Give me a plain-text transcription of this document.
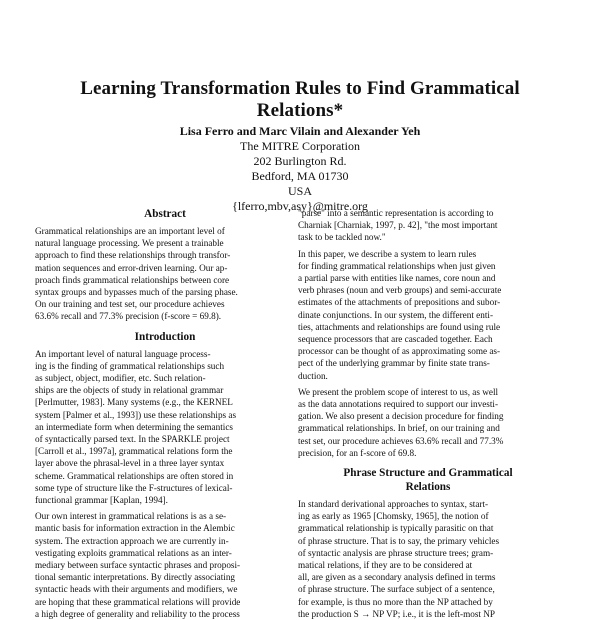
Learning Transformation Rules to Find Grammatical
Relations*
Lisa Ferro and Marc Vilain and Alexander Yeh
The MITRE Corporation
202 Burlington Rd.
Bedford, MA 01730
USA
{lferro,mbv,asy}@mitre.org
Abstract
Grammatical relationships are an important level of
natural language processing. We present a trainable
approach to find these relationships through transfor-
mation sequences and error-driven learning. Our ap-
proach finds grammatical relationships between core
syntax groups and bypasses much of the parsing phase.
On our training and test set, our procedure achieves
63.6% recall and 77.3% precision (f-score = 69.8).
Introduction
An important level of natural language process-
ing is the finding of grammatical relationships such
as subject, object, modifier, etc. Such relation-
ships are the objects of study in relational grammar
[Perlmutter, 1983]. Many systems (e.g., the KERNEL
system [Palmer et al., 1993]) use these relationships as
an intermediate form when determining the semantics
of syntactically parsed text. In the SPARKLE project
[Carroll et al., 1997a], grammatical relations form the
layer above the phrasal-level in a three layer syntax
scheme. Grammatical relationships are often stored in
some type of structure like the F-structures of lexical-
functional grammar [Kaplan, 1994].
Our own interest in grammatical relations is as a se-
mantic basis for information extraction in the Alembic
system. The extraction approach we are currently in-
vestigating exploits grammatical relations as an inter-
mediary between surface syntactic phrases and proposi-
tional semantic interpretations. By directly associating
syntactic heads with their arguments and modifiers, we
are hoping that these grammatical relations will provide
a high degree of generality and reliability to the process
"parse" into a semantic representation is according to
Charniak [Charniak, 1997, p. 42], "the most important
task to be tackled now."
In this paper, we describe a system to learn rules
for finding grammatical relationships when just given
a partial parse with entities like names, core noun and
verb phrases (noun and verb groups) and semi-accurate
estimates of the attachments of prepositions and subor-
dinate conjunctions. In our system, the different enti-
ties, attachments and relationships are found using rule
sequence processors that are cascaded together. Each
processor can be thought of as approximating some as-
pect of the underlying grammar by finite state trans-
duction.
We present the problem scope of interest to us, as well
as the data annotations required to support our investi-
gation. We also present a decision procedure for finding
grammatical relationships. In brief, on our training and
test set, our procedure achieves 63.6% recall and 77.3%
precision, for an f-score of 69.8.
Phrase Structure and Grammatical
Relations
In standard derivational approaches to syntax, start-
ing as early as 1965 [Chomsky, 1965], the notion of
grammatical relationship is typically parasitic on that
of phrase structure. That is to say, the primary vehicles
of syntactic analysis are phrase structure trees; gram-
matical relations, if they are to be considered at
all, are given as a secondary analysis defined in terms
of phrase structure. The surface subject of a sentence,
for example, is thus no more than the NP attached by
the production S → NP VP; i.e., it is the left-most NP
